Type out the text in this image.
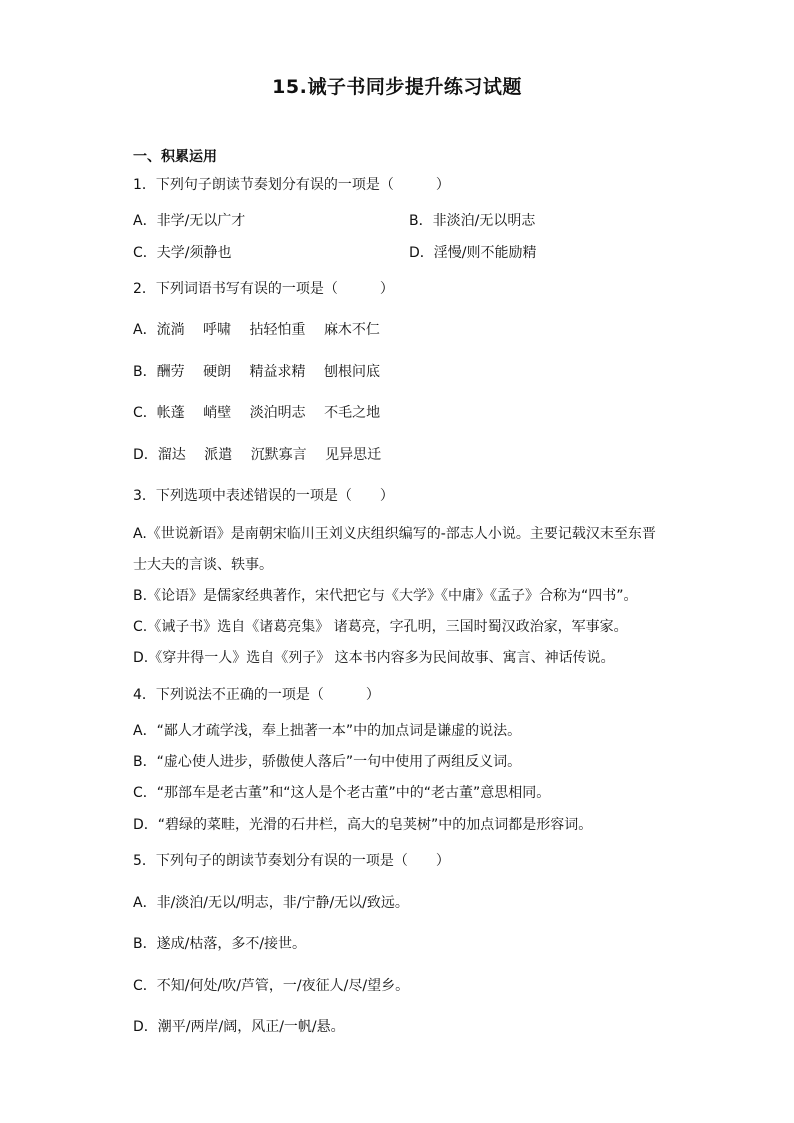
15.诫子书同步提升练习试题
一、积累运用
1．下列句子朗读节奏划分有误的一项是（　　　）
A．非学/无以广才	B．非淡泊/无以明志
C．夫学/须静也	D．淫慢/则不能励精
2．下列词语书写有误的一项是（　　　）
A．流淌 呼啸 拈轻怕重 麻木不仁
B．酬劳 硬朗 精益求精 刨根问底
C．帐蓬 峭壁 淡泊明志 不毛之地
D．溜达 派遣 沉默寡言 见异思迁
3．下列选项中表述错误的一项是（　　）
A.《世说新语》是南朝宋临川王刘义庆组织编写的-部志人小说。主要记载汉末至东晋
士大夫的言谈、轶事。
B.《论语》是儒家经典著作，宋代把它与《大学》《中庸》《孟子》合称为“四书”。
C.《诫子书》选自《诸葛亮集》 诸葛亮，字孔明，三国时蜀汉政治家，军事家。
D.《穿井得一人》选自《列子》 这本书内容多为民间故事、寓言、神话传说。
4．下列说法不正确的一项是（　　　）
A．“鄙人才疏学浅，奉上拙著一本”中的加点词是谦虚的说法。
B．“虚心使人进步，骄傲使人落后”一句中使用了两组反义词。
C．“那部车是老古董”和“这人是个老古董”中的“老古董”意思相同。
D．“碧绿的菜畦，光滑的石井栏，高大的皂荚树”中的加点词都是形容词。
5．下列句子的朗读节奏划分有误的一项是（　　）
A．非/淡泊/无以/明志，非/宁静/无以/致远。
B．遂成/枯落，多不/接世。
C．不知/何处/吹/芦管，一/夜征人/尽/望乡。
D．潮平/两岸/阔，风正/一帆/悬。
